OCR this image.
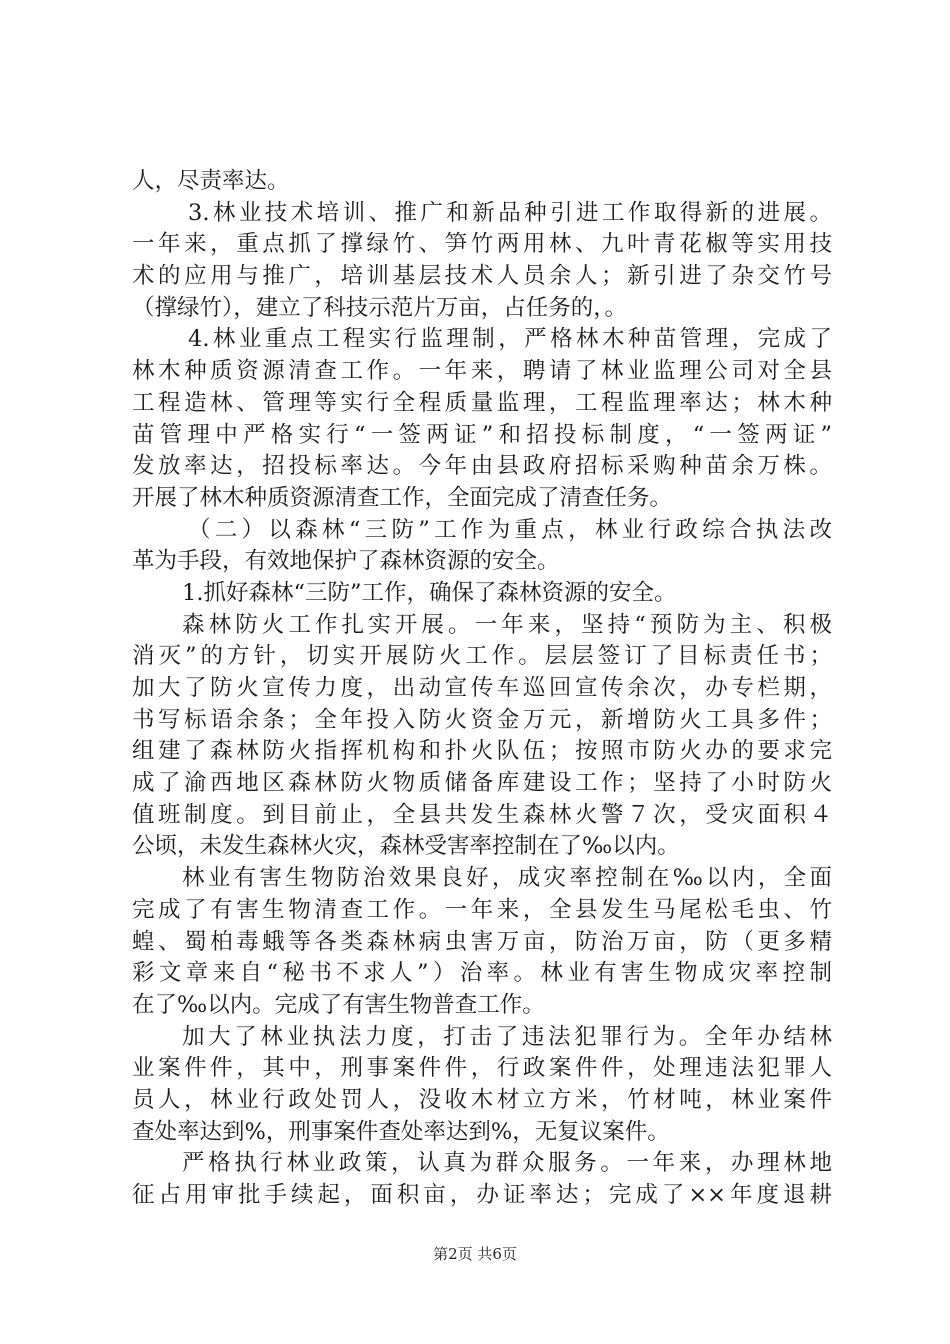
人，尽责率达。
3.林业技术培训、推广和新品种引进工作取得新的进展。
一年来，重点抓了撑绿竹、笋竹两用林、九叶青花椒等实用技
术的应用与推广，培训基层技术人员余人；新引进了杂交竹号
（撑绿竹），建立了科技示范片万亩，占任务的，。
4.林业重点工程实行监理制，严格林木种苗管理，完成了
林木种质资源清查工作。一年来，聘请了林业监理公司对全县
工程造林、管理等实行全程质量监理，工程监理率达；林木种
苗管理中严格实行“一签两证”和招投标制度，“一签两证”
发放率达，招投标率达。今年由县政府招标采购种苗余万株。
开展了林木种质资源清查工作，全面完成了清查任务。
（二）以森林“三防”工作为重点，林业行政综合执法改
革为手段，有效地保护了森林资源的安全。
1.抓好森林“三防”工作，确保了森林资源的安全。
森林防火工作扎实开展。一年来，坚持“预防为主、积极
消灭”的方针，切实开展防火工作。层层签订了目标责任书；
加大了防火宣传力度，出动宣传车巡回宣传余次，办专栏期，
书写标语余条；全年投入防火资金万元，新增防火工具多件；
组建了森林防火指挥机构和扑火队伍；按照市防火办的要求完
成了渝西地区森林防火物质储备库建设工作；坚持了小时防火
值班制度。到目前止，全县共发生森林火警７次，受灾面积４
公顷，未发生森林火灾，森林受害率控制在了‰以内。
林业有害生物防治效果良好，成灾率控制在‰以内，全面
完成了有害生物清查工作。一年来，全县发生马尾松毛虫、竹
蝗、蜀柏毒蛾等各类森林病虫害万亩，防治万亩，防（更多精
彩文章来自“秘书不求人”）治率。林业有害生物成灾率控制
在了‰以内。完成了有害生物普查工作。
加大了林业执法力度，打击了违法犯罪行为。全年办结林
业案件件，其中，刑事案件件，行政案件件，处理违法犯罪人
员人，林业行政处罚人，没收木材立方米，竹材吨，林业案件
查处率达到%，刑事案件查处率达到%，无复议案件。
严格执行林业政策，认真为群众服务。一年来，办理林地
征占用审批手续起，面积亩，办证率达；完成了××年度退耕
第2页 共6页
